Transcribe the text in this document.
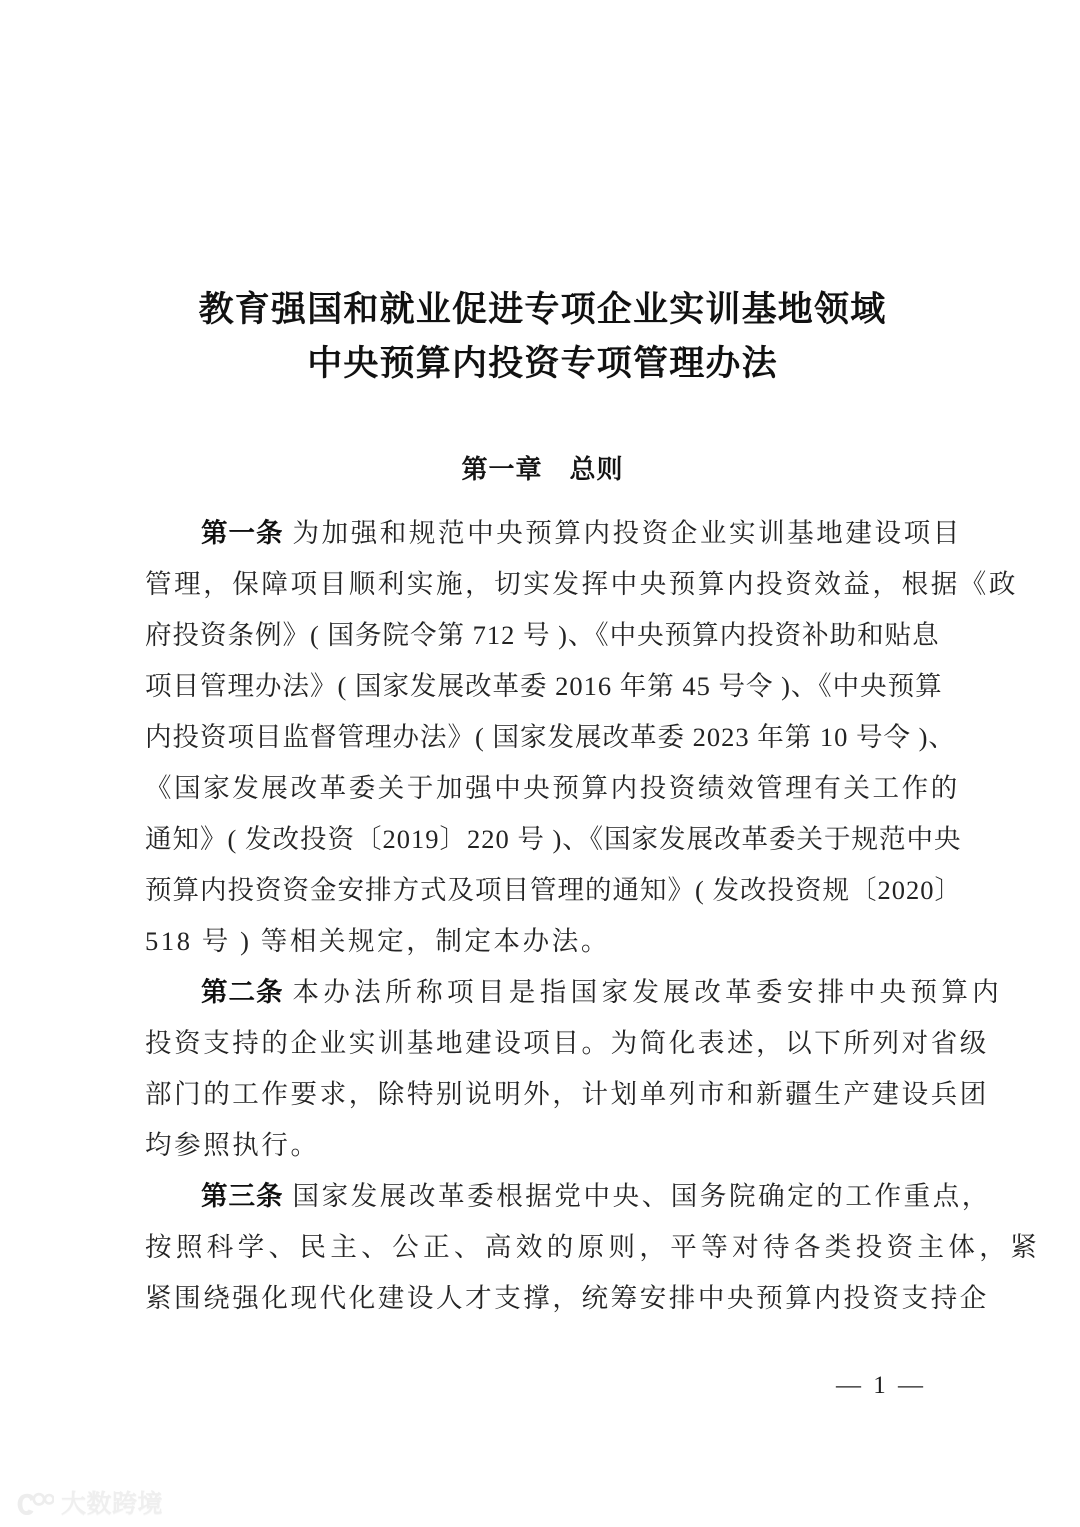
教育强国和就业促进专项企业实训基地领域
中央预算内投资专项管理办法
第一章　总则
第一条 为加强和规范中央预算内投资企业实训基地建设项目
管理，保障项目顺利实施，切实发挥中央预算内投资效益，根据《政
府投资条例》( 国务院令第 712 号 )、《中央预算内投资补助和贴息
项目管理办法》( 国家发展改革委 2016 年第 45 号令 )、《中央预算
内投资项目监督管理办法》( 国家发展改革委 2023 年第 10 号令 )、
《国家发展改革委关于加强中央预算内投资绩效管理有关工作的
通知》( 发改投资〔2019〕220 号 )、《国家发展改革委关于规范中央
预算内投资资金安排方式及项目管理的通知》( 发改投资规〔2020〕
518 号 ) 等相关规定，制定本办法。
第二条 本办法所称项目是指国家发展改革委安排中央预算内
投资支持的企业实训基地建设项目。为简化表述，以下所列对省级
部门的工作要求，除特别说明外，计划单列市和新疆生产建设兵团
均参照执行。
第三条 国家发展改革委根据党中央、国务院确定的工作重点，
按照科学、民主、公正、高效的原则，平等对待各类投资主体，紧
紧围绕强化现代化建设人才支撑，统筹安排中央预算内投资支持企
— 1 —
大数跨境
